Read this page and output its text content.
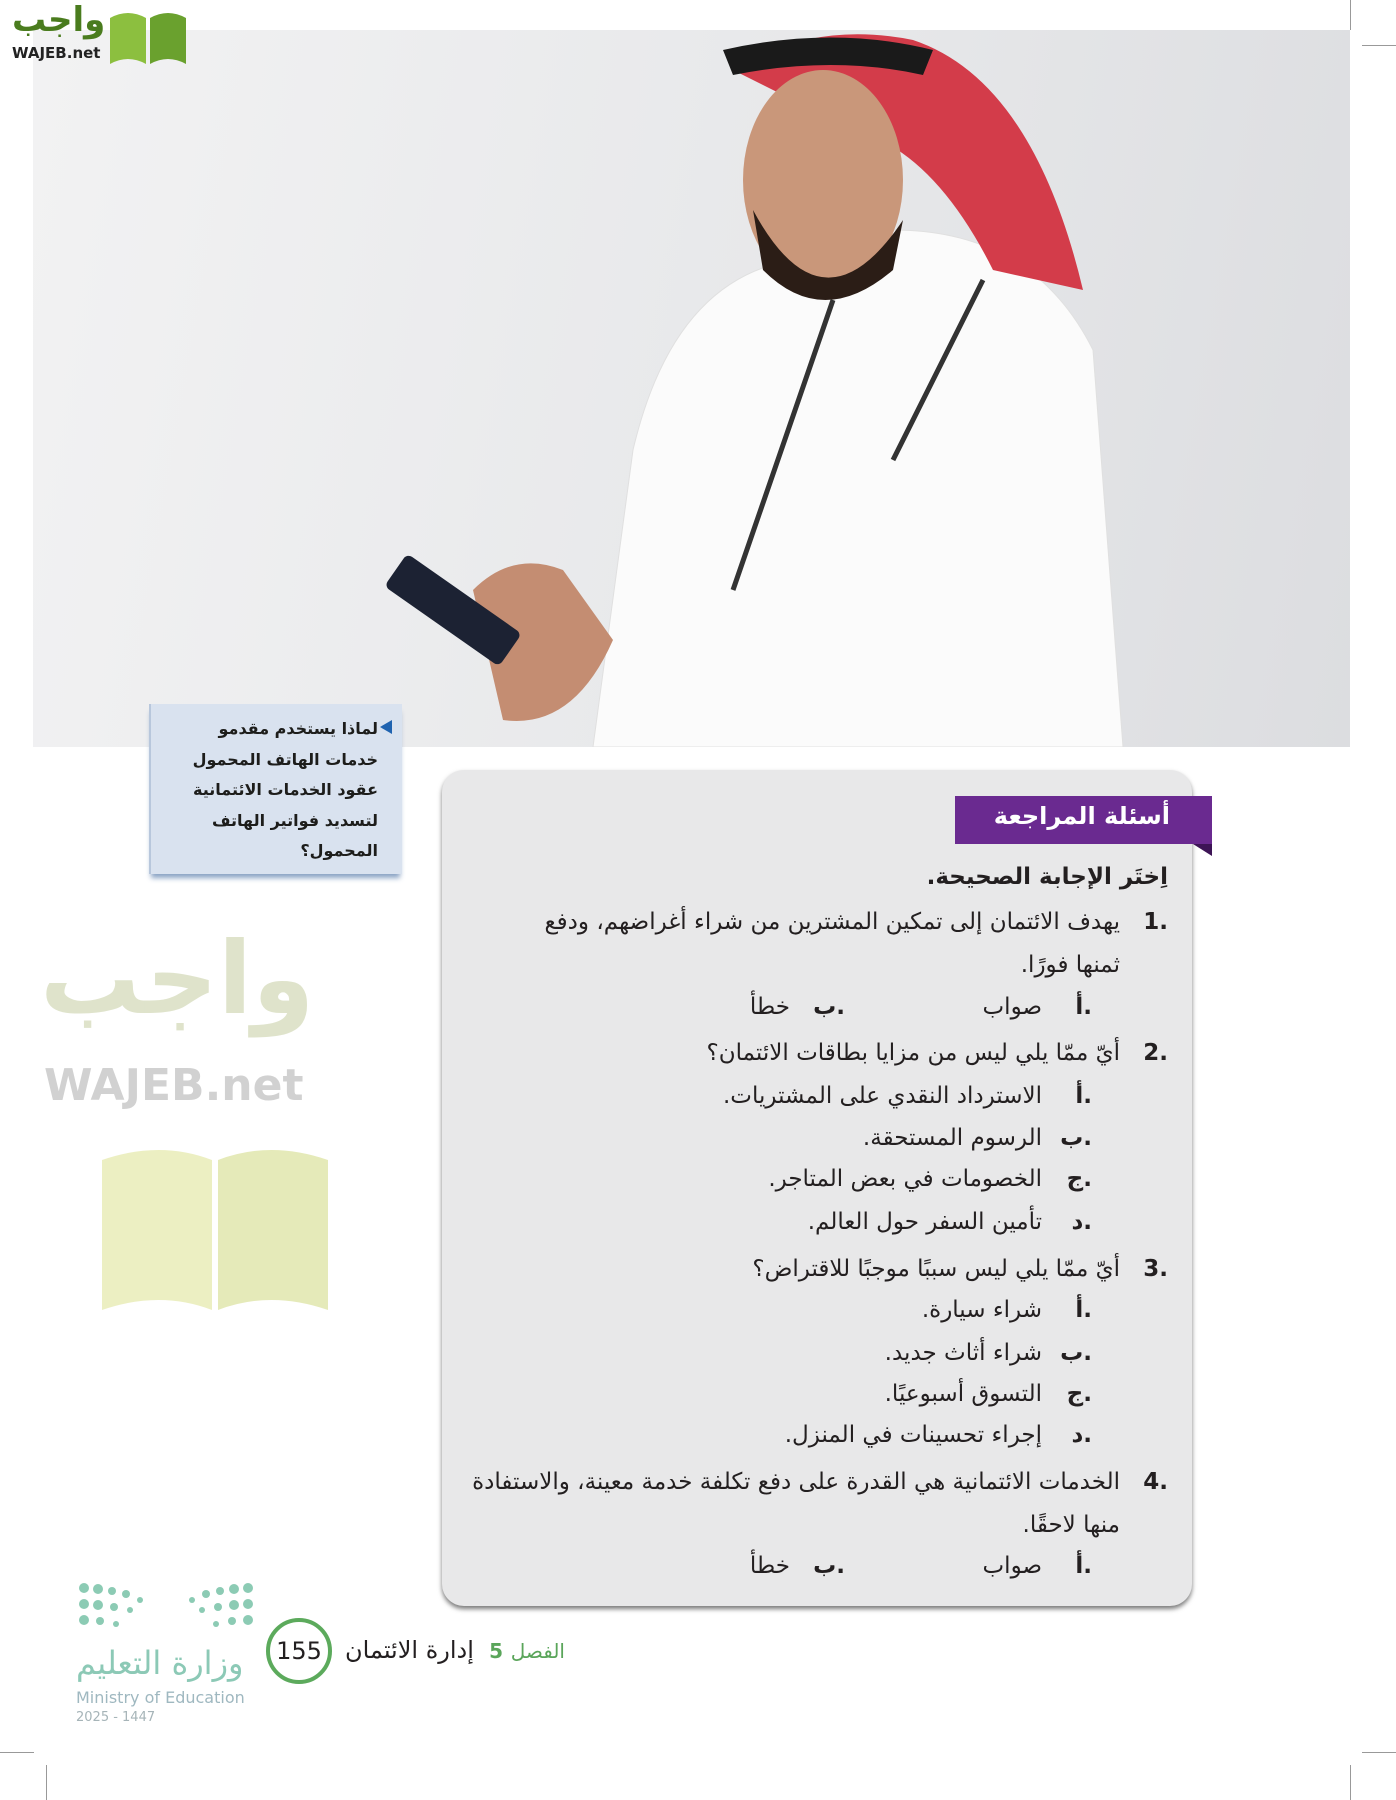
واجب
WAJEB.net

لماذا يستخدم مقدمو خدمات الهاتف المحمول عقود الخدمات الائتمانية لتسديد فواتير الهاتف المحمول؟

واجب
WAJEB.net
أسئلة المراجعة
اِختَر الإجابة الصحيحة.
1.
يهدف الائتمان إلى تمكين المشترين من شراء أغراضهم، ودفع
ثمنها فورًا.
أ.
صواب
ب.
خطأ
2.
أيّ ممّا يلي ليس من مزايا بطاقات الائتمان؟
أ.
الاسترداد النقدي على المشتريات.
ب.
الرسوم المستحقة.
ج.
الخصومات في بعض المتاجر.
د.
تأمين السفر حول العالم.
3.
أيّ ممّا يلي ليس سببًا موجبًا للاقتراض؟
أ.
شراء سيارة.
ب.
شراء أثاث جديد.
ج.
التسوق أسبوعيًا.
د.
إجراء تحسينات في المنزل.
4.
الخدمات الائتمانية هي القدرة على دفع تكلفة خدمة معينة، والاستفادة
منها لاحقًا.
أ.
صواب
ب.
خطأ
وزارة التعليم
Ministry of Education
2025 - 1447
155	الفصل 5  إدارة الائتمان
